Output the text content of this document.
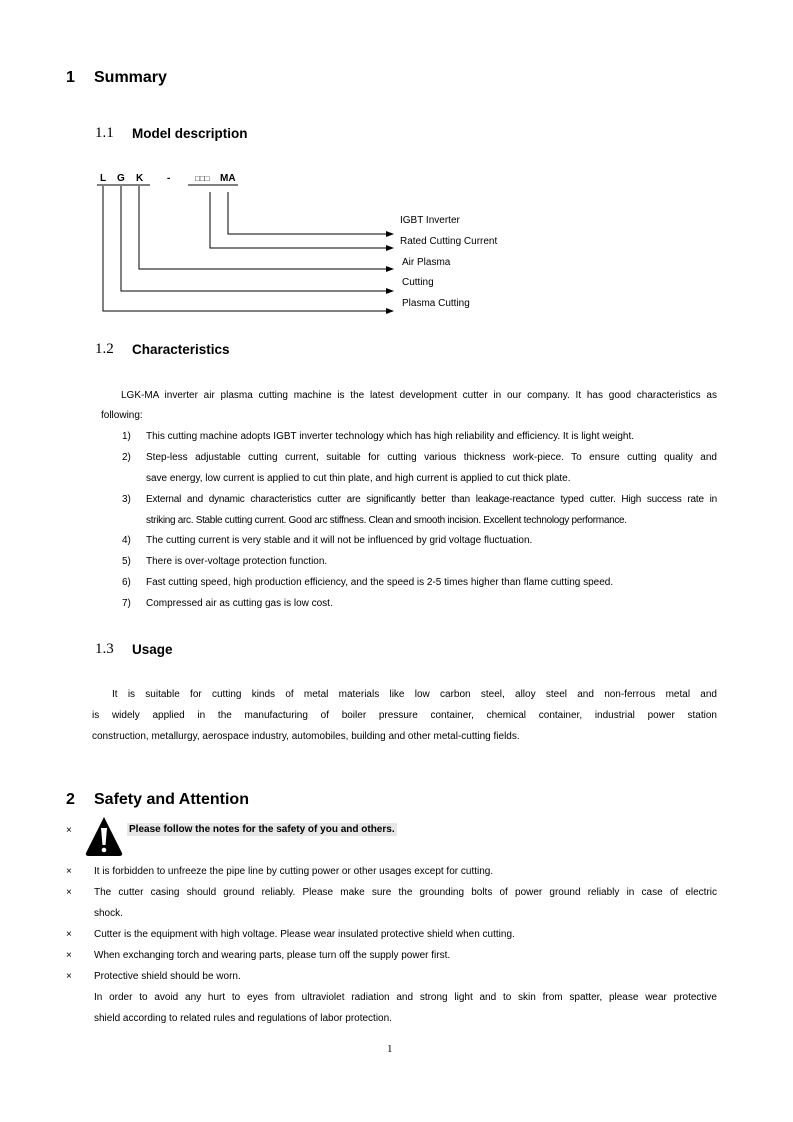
1 Summary
1.1 Model description
L G K -	□□□ MA
IGBT Inverter
Rated Cutting Current
Air Plasma
Cutting
Plasma Cutting
1.2 Characteristics
LGK-MA inverter air plasma cutting machine is the latest development cutter in our company. It has good characteristics as
following:
1) This cutting machine adopts IGBT inverter technology which has high reliability and efficiency. It is light weight.
2) Step-less adjustable cutting current, suitable for cutting various thickness work-piece. To ensure cutting quality and
save energy, low current is applied to cut thin plate, and high current is applied to cut thick plate.
3) External and dynamic characteristics cutter are significantly better than leakage-reactance typed cutter. High success rate in
striking arc. Stable cutting current. Good arc stiffness. Clean and smooth incision. Excellent technology performance.
4) The cutting current is very stable and it will not be influenced by grid voltage fluctuation.
5) There is over-voltage protection function.
6) Fast cutting speed, high production efficiency, and the speed is 2-5 times higher than flame cutting speed.
7) Compressed air as cutting gas is low cost.
1.3 Usage
It is suitable for cutting kinds of metal materials like low carbon steel, alloy steel and non-ferrous metal and
is widely applied in the manufacturing of boiler pressure container, chemical container, industrial power station
construction, metallurgy, aerospace industry, automobiles, building and other metal-cutting fields.
2 Safety and Attention
×	Please follow the notes for the safety of you and others.
× It is forbidden to unfreeze the pipe line by cutting power or other usages except for cutting.
× The cutter casing should ground reliably. Please make sure the grounding bolts of power ground reliably in case of electric
shock.
× Cutter is the equipment with high voltage. Please wear insulated protective shield when cutting.
× When exchanging torch and wearing parts, please turn off the supply power first.
× Protective shield should be worn.
In order to avoid any hurt to eyes from ultraviolet radiation and strong light and to skin from spatter, please wear protective
shield according to related rules and regulations of labor protection.
1
